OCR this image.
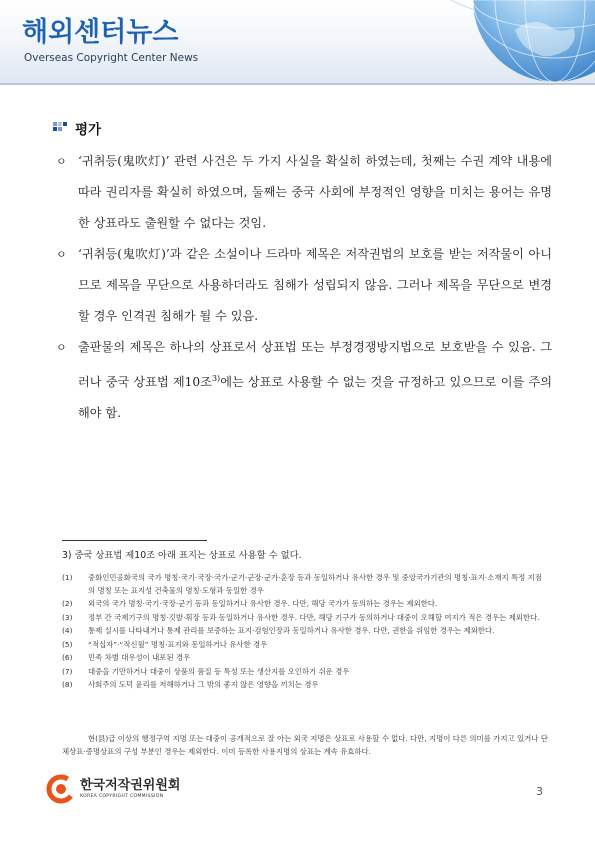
해외센터뉴스
Overseas Copyright Center News
평가
ㅇ ‘귀취등(鬼吹灯)’ 관련 사건은 두 가지 사실을 확실히 하였는데, 첫째는 수권 계약 내용에 따라 권리자를 확실히 하였으며, 둘째는 중국 사회에 부정적인 영향을 미치는 용어는 유명한 상표라도 출원할 수 없다는 것임.
ㅇ ‘귀취등(鬼吹灯)’과 같은 소설이나 드라마 제목은 저작권법의 보호를 받는 저작물이 아니므로 제목을 무단으로 사용하더라도 침해가 성립되지 않음. 그러나 제목을 무단으로 변경할 경우 인격권 침해가 될 수 있음.
ㅇ 출판물의 제목은 하나의 상표로서 상표법 또는 부정경쟁방지법으로 보호받을 수 있음. 그러나 중국 상표법 제10조$^{3)}$에는 상표로 사용할 수 없는 것을 규정하고 있으므로 이를 주의해야 함.
3) 중국 상표법 제10조 아래 표지는 상표로 사용할 수 없다.
(1) 중화인민공화국의 국가 명칭·국기·국장·국가·군기·군장·군가·훈장 등과 동일하거나 유사한 경우 및 중앙국가기관의 명칭·표지·소재지 특정 지점의 명칭 또는 표지성 건축물의 명칭·도형과 동일한 경우
(2) 외국의 국가 명칭·국기·국장·군기 등과 동일하거나 유사한 경우. 다만, 해당 국가가 동의하는 경우는 제외한다.
(3) 정부 간 국제기구의 명칭·깃발·휘장 등과 동일하거나 유사한 경우. 다만, 해당 기구가 동의하거나 대중이 오해할 여지가 적은 경우는 제외한다.
(4) 통제 실시를 나타내거나 통제 관리를 보증하는 표지·검험인장과 동일하거나 유사한 경우. 다만, 권한을 위임한 경우는 제외한다.
(5) “적십자”·“적신월” 명칭·표지와 동일하거나 유사한 경우
(6) 민족 차별 대우성이 내포된 경우
(7) 대중을 기만하거나 대중이 상품의 품질 등 특성 또는 생산지를 오인하기 쉬운 경우
(8) 사회주의 도덕 윤리를 저해하거나 그 밖의 좋지 않은 영향을 끼치는 경우
현(县)급 이상의 행정구역 지명 또는 대중이 공개적으로 잘 아는 외국 지명은 상표로 사용할 수 없다. 다만, 지명이 다른 의미를 가지고 있거나 단체상표·증명상표의 구성 부분인 경우는 제외한다. 이미 등록한 사용지명의 상표는 계속 유효하다.
한국저작권위원회
KOREA COPYRIGHT COMMISSION	3
